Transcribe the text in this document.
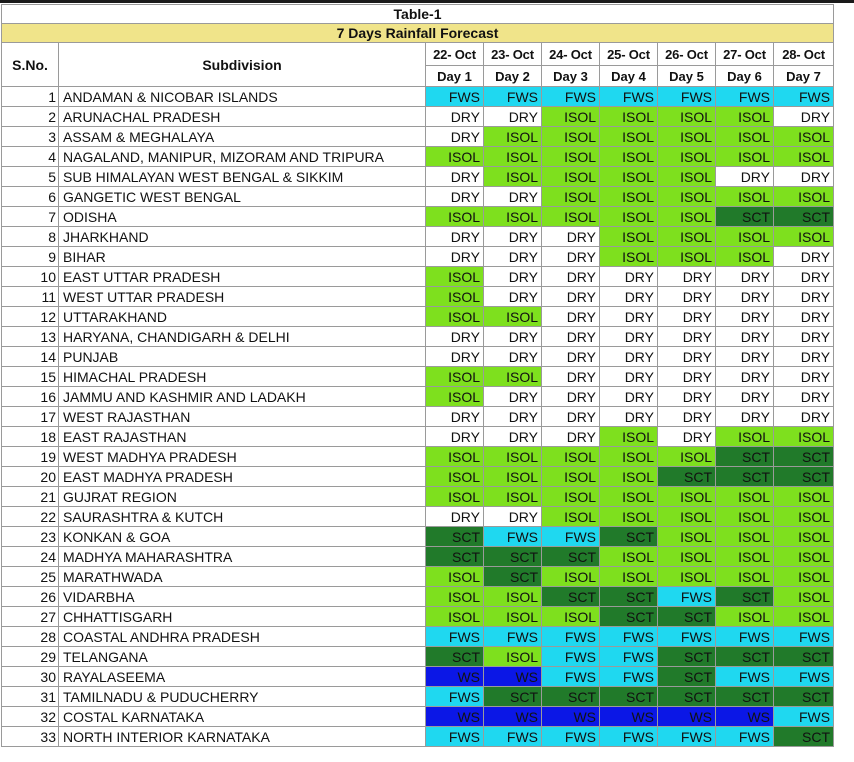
Table-1								
7 Days Rainfall Forecast								
S.No.	Subdivision	22- Oct	23- Oct	24- Oct	25- Oct	26- Oct	27- Oct	28- Oct
		Day 1	Day 2	Day 3	Day 4	Day 5	Day 6	Day 7
1	ANDAMAN & NICOBAR ISLANDS	FWS	FWS	FWS	FWS	FWS	FWS	FWS
2	ARUNACHAL PRADESH	DRY	DRY	ISOL	ISOL	ISOL	ISOL	DRY
3	ASSAM & MEGHALAYA	DRY	ISOL	ISOL	ISOL	ISOL	ISOL	ISOL
4	NAGALAND, MANIPUR, MIZORAM AND TRIPURA	ISOL	ISOL	ISOL	ISOL	ISOL	ISOL	ISOL
5	SUB HIMALAYAN WEST BENGAL & SIKKIM	DRY	ISOL	ISOL	ISOL	ISOL	DRY	DRY
6	GANGETIC WEST BENGAL	DRY	DRY	ISOL	ISOL	ISOL	ISOL	ISOL
7	ODISHA	ISOL	ISOL	ISOL	ISOL	ISOL	SCT	SCT
8	JHARKHAND	DRY	DRY	DRY	ISOL	ISOL	ISOL	ISOL
9	BIHAR	DRY	DRY	DRY	ISOL	ISOL	ISOL	DRY
10	EAST UTTAR PRADESH	ISOL	DRY	DRY	DRY	DRY	DRY	DRY
11	WEST UTTAR PRADESH	ISOL	DRY	DRY	DRY	DRY	DRY	DRY
12	UTTARAKHAND	ISOL	ISOL	DRY	DRY	DRY	DRY	DRY
13	HARYANA, CHANDIGARH & DELHI	DRY	DRY	DRY	DRY	DRY	DRY	DRY
14	PUNJAB	DRY	DRY	DRY	DRY	DRY	DRY	DRY
15	HIMACHAL PRADESH	ISOL	ISOL	DRY	DRY	DRY	DRY	DRY
16	JAMMU AND KASHMIR AND LADAKH	ISOL	DRY	DRY	DRY	DRY	DRY	DRY
17	WEST RAJASTHAN	DRY	DRY	DRY	DRY	DRY	DRY	DRY
18	EAST RAJASTHAN	DRY	DRY	DRY	ISOL	DRY	ISOL	ISOL
19	WEST MADHYA PRADESH	ISOL	ISOL	ISOL	ISOL	ISOL	SCT	SCT
20	EAST MADHYA PRADESH	ISOL	ISOL	ISOL	ISOL	SCT	SCT	SCT
21	GUJRAT REGION	ISOL	ISOL	ISOL	ISOL	ISOL	ISOL	ISOL
22	SAURASHTRA & KUTCH	DRY	DRY	ISOL	ISOL	ISOL	ISOL	ISOL
23	KONKAN & GOA	SCT	FWS	FWS	SCT	ISOL	ISOL	ISOL
24	MADHYA MAHARASHTRA	SCT	SCT	SCT	ISOL	ISOL	ISOL	ISOL
25	MARATHWADA	ISOL	SCT	ISOL	ISOL	ISOL	ISOL	ISOL
26	VIDARBHA	ISOL	ISOL	SCT	SCT	FWS	SCT	ISOL
27	CHHATTISGARH	ISOL	ISOL	ISOL	SCT	SCT	ISOL	ISOL
28	COASTAL ANDHRA PRADESH	FWS	FWS	FWS	FWS	FWS	FWS	FWS
29	TELANGANA	SCT	ISOL	FWS	FWS	SCT	SCT	SCT
30	RAYALASEEMA	WS	WS	FWS	FWS	SCT	FWS	FWS
31	TAMILNADU & PUDUCHERRY	FWS	SCT	SCT	SCT	SCT	SCT	SCT
32	COSTAL KARNATAKA	WS	WS	WS	WS	WS	WS	FWS
33	NORTH INTERIOR KARNATAKA	FWS	FWS	FWS	FWS	FWS	FWS	SCT
